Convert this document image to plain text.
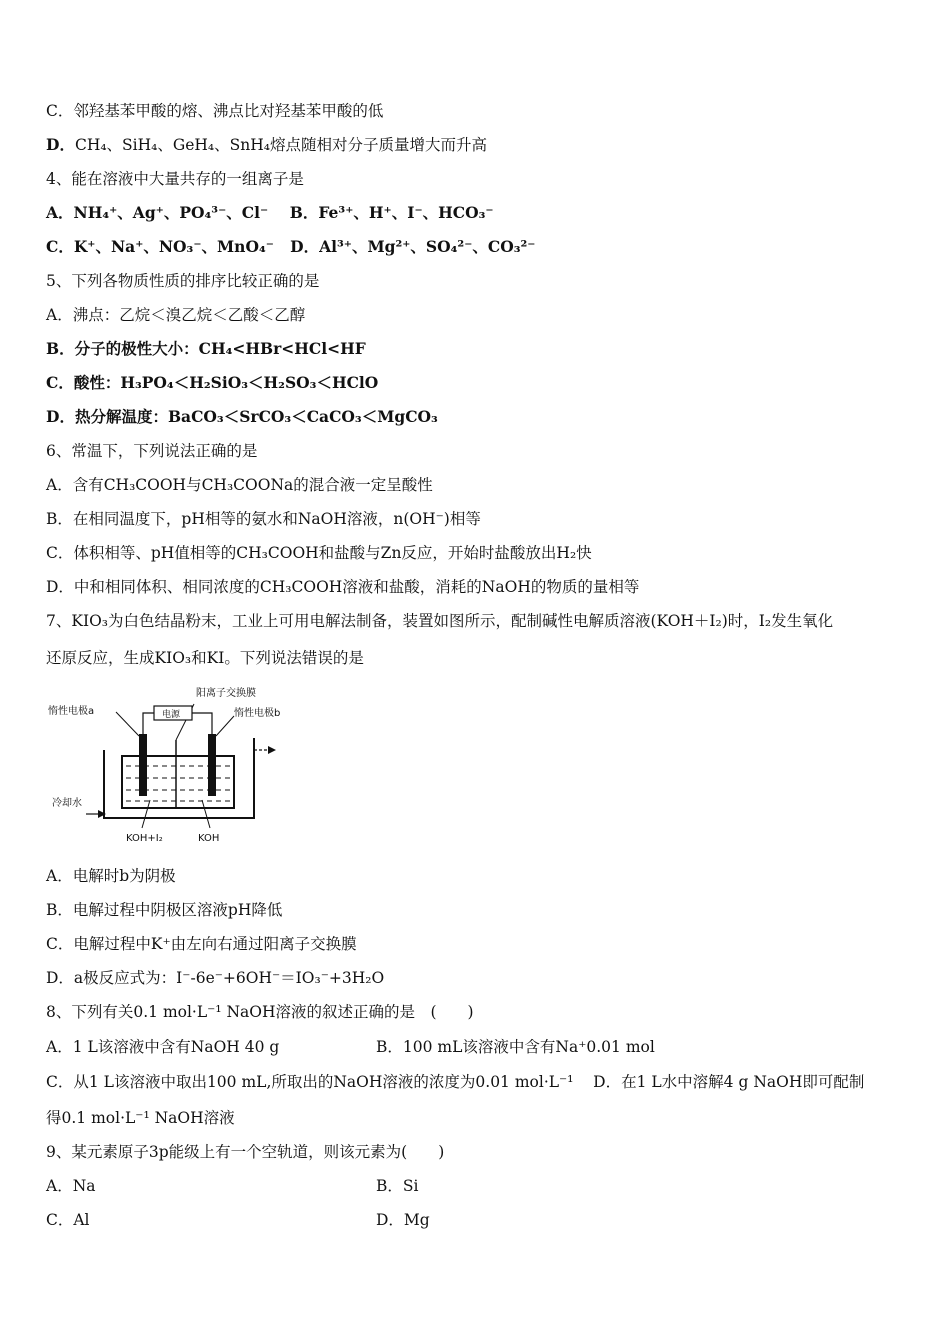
C．邻羟基苯甲酸的熔、沸点比对羟基苯甲酸的低
D．CH₄、SiH₄、GeH₄、SnH₄熔点随相对分子质量增大而升高
4、能在溶液中大量共存的一组离子是
A．NH₄⁺、Ag⁺、PO₄³⁻、Cl⁻ B．Fe³⁺、H⁺、I⁻、HCO₃⁻
C．K⁺、Na⁺、NO₃⁻、MnO₄⁻ D．Al³⁺、Mg²⁺、SO₄²⁻、CO₃²⁻
5、下列各物质性质的排序比较正确的是
A．沸点：乙烷＜溴乙烷＜乙酸＜乙醇
B．分子的极性大小：CH₄<HBr<HCl<HF
C．酸性：H₃PO₄＜H₂SiO₃＜H₂SO₃＜HClO
D．热分解温度：BaCO₃＜SrCO₃＜CaCO₃＜MgCO₃
6、常温下，下列说法正确的是
A．含有CH₃COOH与CH₃COONa的混合液一定呈酸性
B．在相同温度下，pH相等的氨水和NaOH溶液，n(OH⁻)相等
C．体积相等、pH值相等的CH₃COOH和盐酸与Zn反应，开始时盐酸放出H₂快
D．中和相同体积、相同浓度的CH₃COOH溶液和盐酸，消耗的NaOH的物质的量相等
7、KIO₃为白色结晶粉末，工业上可用电解法制备，装置如图所示，配制碱性电解质溶液(KOH＋I₂)时，I₂发生氧化
还原反应，生成KIO₃和KI。下列说法错误的是
阳离子交换膜
电源
惰性电极a	惰性电极b
冷却水
KOH+I₂	KOH
A．电解时b为阴极
B．电解过程中阴极区溶液pH降低
C．电解过程中K⁺由左向右通过阳离子交换膜
D．a极反应式为：I⁻-6e⁻+6OH⁻＝IO₃⁻+3H₂O
8、下列有关0.1 mol·L⁻¹ NaOH溶液的叙述正确的是　(　　)
A．1 L该溶液中含有NaOH 40 g	B．100 mL该溶液中含有Na⁺0.01 mol
C．从1 L该溶液中取出100 mL,所取出的NaOH溶液的浓度为0.01 mol·L⁻¹ D．在1 L水中溶解4 g NaOH即可配制
得0.1 mol·L⁻¹ NaOH溶液
9、某元素原子3p能级上有一个空轨道，则该元素为(　　)
A．Na	B．Si
C．Al	D．Mg
